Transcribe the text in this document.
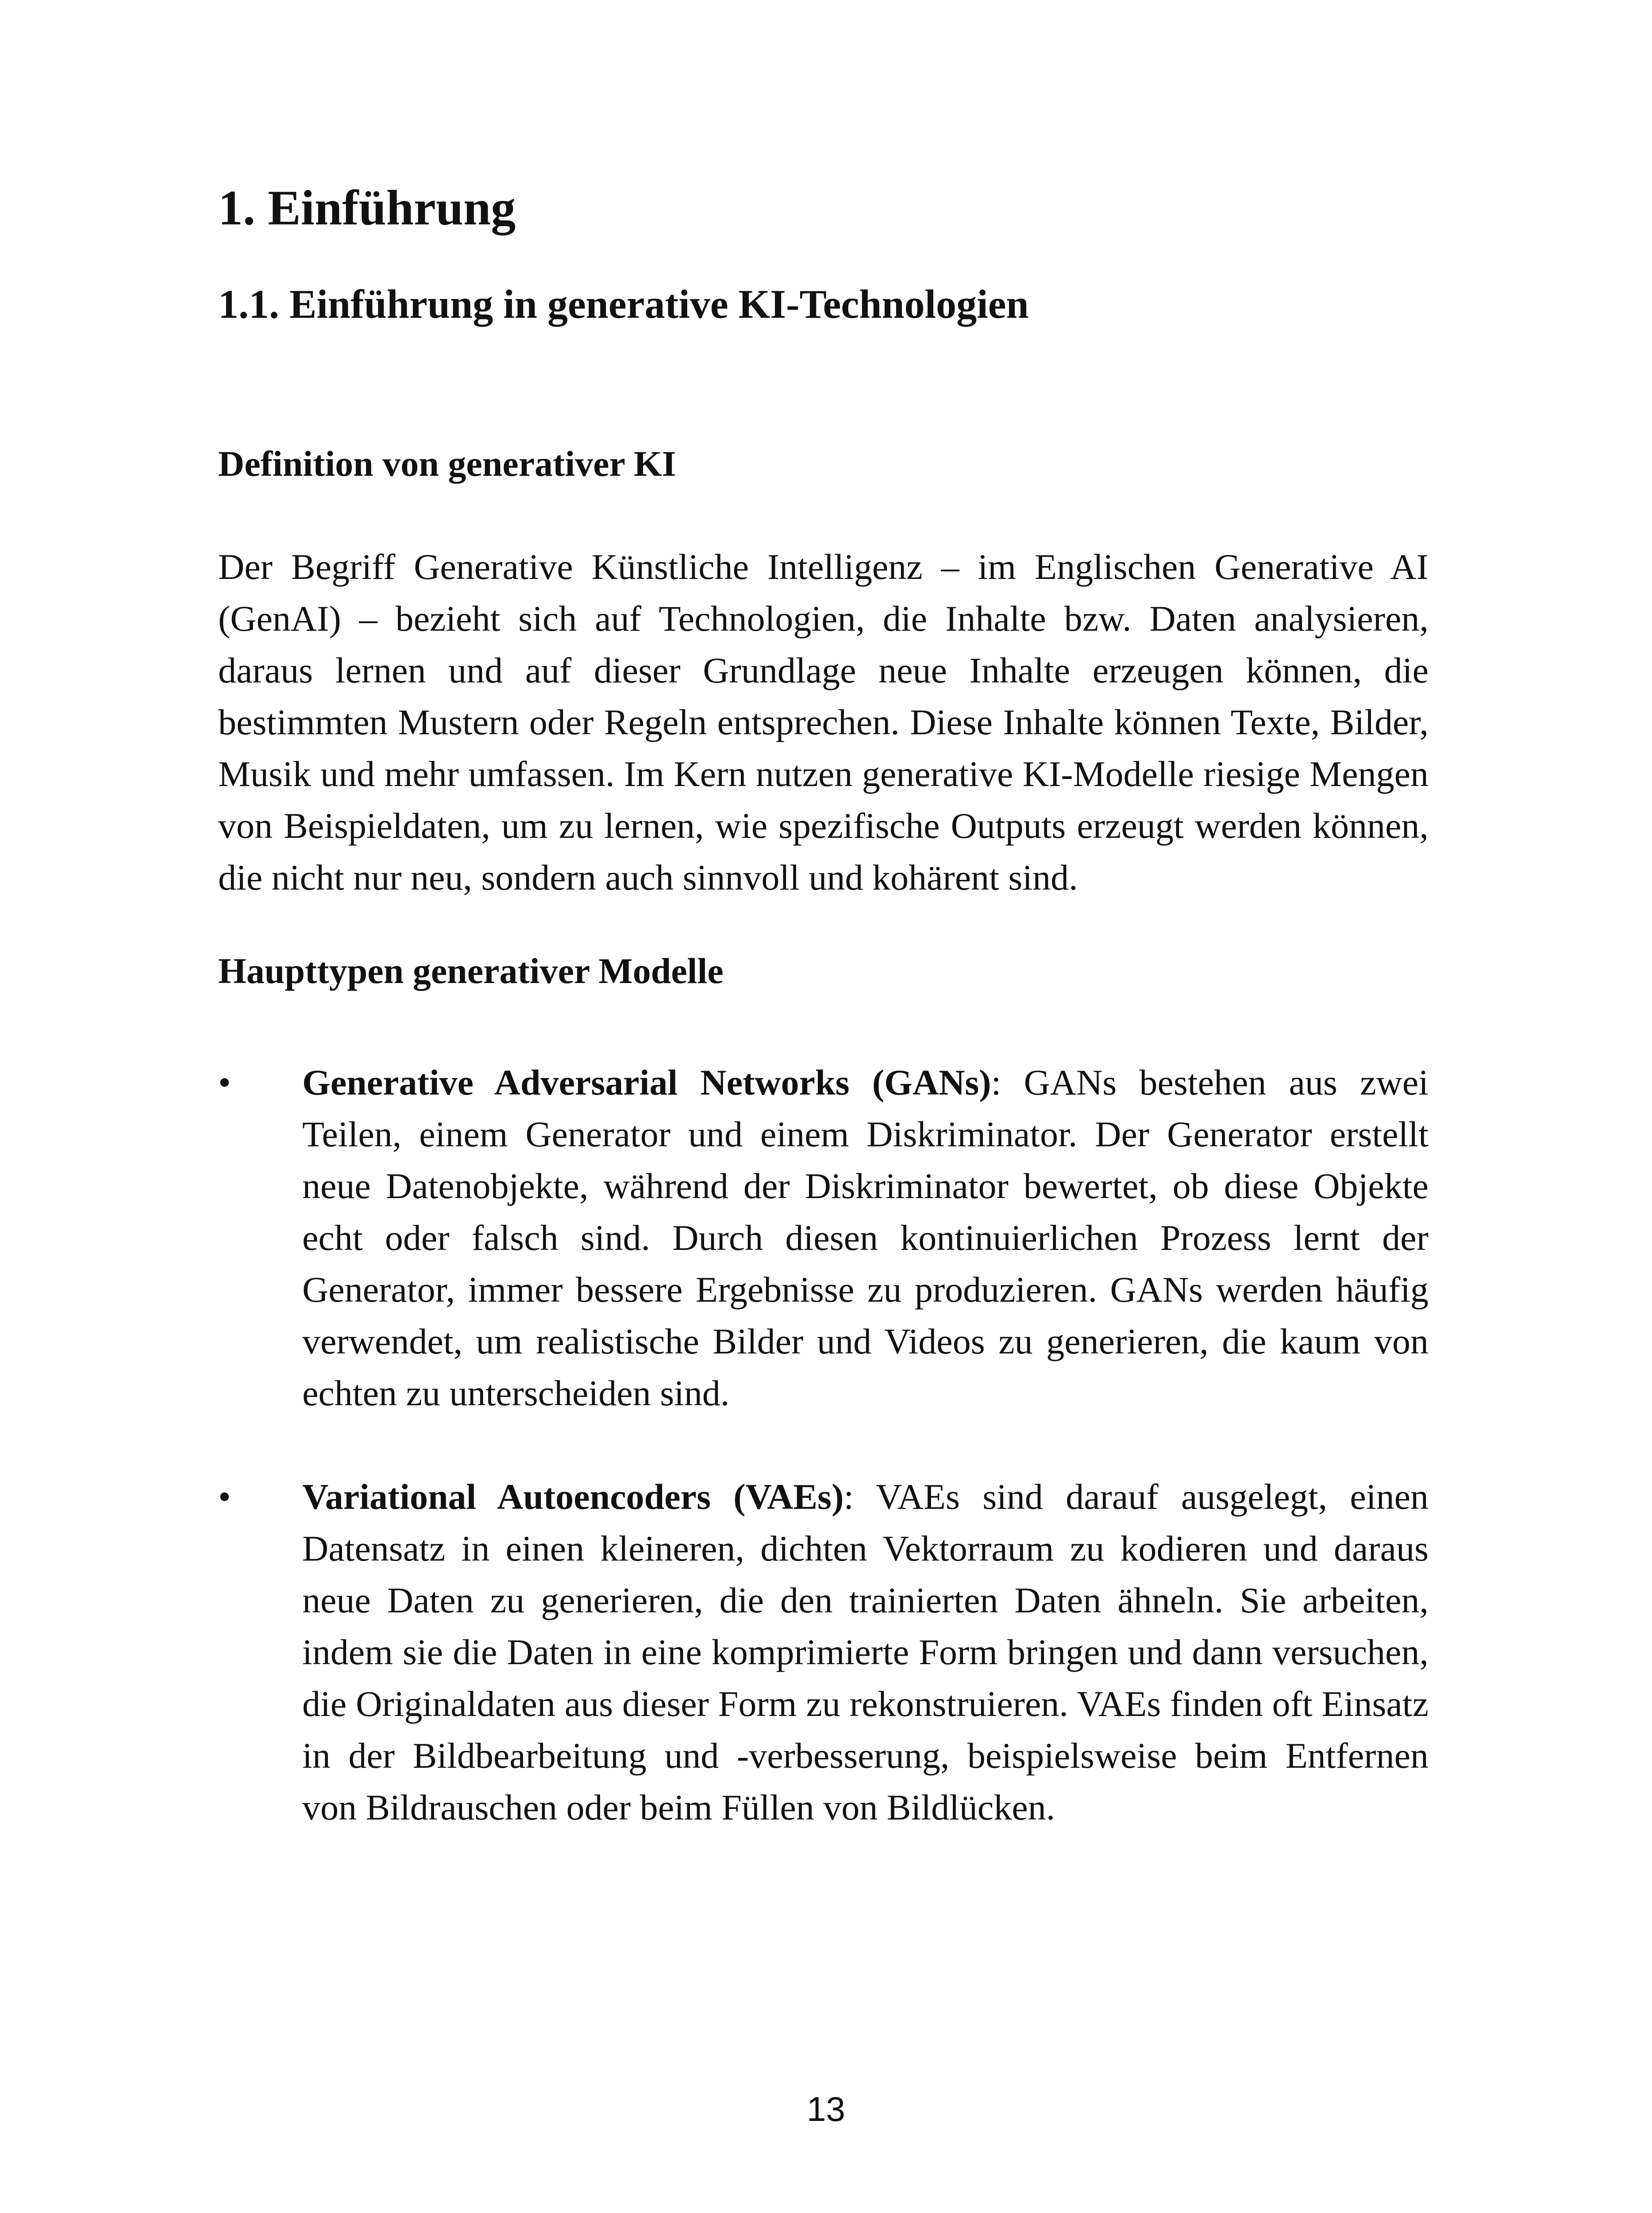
1. Einführung
1.1. Einführung in generative KI-Technologien
Definition von generativer KI

Der Begriff Generative Künstliche Intelligenz – im Englischen Generative AI (GenAI) – bezieht sich auf Technologien, die Inhalte bzw. Daten analysieren, daraus lernen und auf dieser Grundlage neue Inhalte erzeugen können, die bestimmten Mustern oder Regeln entsprechen. Diese Inhalte können Texte, Bilder, Musik und mehr umfassen. Im Kern nutzen generative KI-Modelle riesige Mengen von Beispieldaten, um zu lernen, wie spezifische Outputs erzeugt werden können, die nicht nur neu, sondern auch sinnvoll und kohärent sind.

Haupttypen generativer Modelle
•	Generative Adversarial Networks (GANs): GANs bestehen aus zwei Teilen, einem Generator und einem Diskriminator. Der Generator erstellt neue Datenobjekte, während der Diskriminator bewertet, ob diese Objekte echt oder falsch sind. Durch diesen kontinuierlichen Prozess lernt der Generator, immer bessere Ergebnisse zu produzieren. GANs werden häufig verwendet, um realistische Bilder und Videos zu generieren, die kaum von echten zu unterscheiden sind.
•	Variational Autoencoders (VAEs): VAEs sind darauf ausgelegt, einen Datensatz in einen kleineren, dichten Vektorraum zu kodieren und daraus neue Daten zu generieren, die den trainierten Daten ähneln. Sie arbeiten, indem sie die Daten in eine komprimierte Form bringen und dann versuchen, die Originaldaten aus dieser Form zu rekonstruieren. VAEs finden oft Einsatz in der Bildbearbeitung und -verbesserung, beispielsweise beim Entfernen von Bildrauschen oder beim Füllen von Bildlücken.
13
